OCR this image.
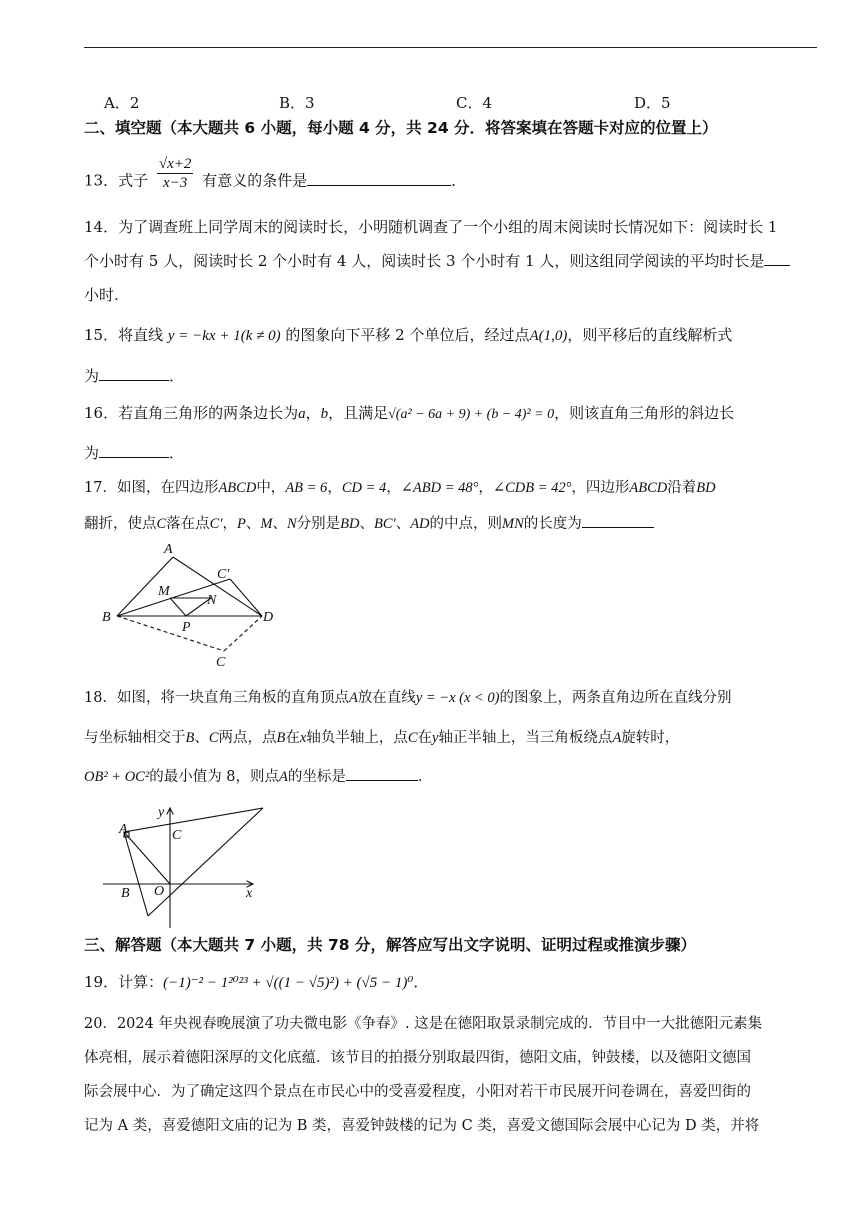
A．2	B．3	C．4	D．5
二、填空题（本大题共 6 小题，每小题 4 分，共 24 分．将答案填在答题卡对应的位置上）
13．式子 $\frac{√x+2}{x-3}$ 有意义的条件是	．
14．为了调查班上同学周末的阅读时长，小明随机调查了一个小组的周末阅读时长情况如下：阅读时长 1
个小时有 5 人，阅读时长 2 个小时有 4 人，阅读时长 3 个小时有 1 人，则这组同学阅读的平均时长是
小时.
15．将直线 y = −kx + 1(k ≠ 0) 的图象向下平移 2 个单位后，经过点A(1,0)，则平移后的直线解析式
为	．
16．若直角三角形的两条边长为a，b，且满足√(a² − 6a + 9) + (b − 4)² = 0，则该直角三角形的斜边长
为	．
17．如图，在四边形ABCD中，AB = 6，CD = 4，∠ABD = 48°，∠CDB = 42°，四边形ABCD沿着BD
翻折，使点C落在点C′，P、M、N分别是BD、BC′、AD的中点，则MN的长度为
A
C′
M
N
B
P
D
C
18．如图，将一块直角三角板的直角顶点A放在直线y = −x (x < 0)的图象上，两条直角边所在直线分别
与坐标轴相交于B、C两点，点B在x轴负半轴上，点C在y轴正半轴上，当三角板绕点A旋转时，
OB² + OC²的最小值为 8，则点A的坐标是	．
y
A	C
B O	x
三、解答题（本大题共 7 小题，共 78 分，解答应写出文字说明、证明过程或推演步骤）
19．计算：(−1)⁻² − 1²⁰²³ + √((1 − √5)²) + (√5 − 1)⁰．
20．2024 年央视春晚展演了功夫微电影《争春》. 这是在德阳取景录制完成的．节目中一大批德阳元素集
体亮相，展示着德阳深厚的文化底蕴．该节目的拍摄分别取最四街，德阳文庙，钟鼓楼，以及德阳文德国
际会展中心．为了确定这四个景点在市民心中的受喜爱程度，小阳对若干市民展开问卷调在，喜爱凹街的
记为 A 类，喜爱德阳文庙的记为 B 类，喜爱钟鼓楼的记为 C 类，喜爱文德国际会展中心记为 D 类，并将
